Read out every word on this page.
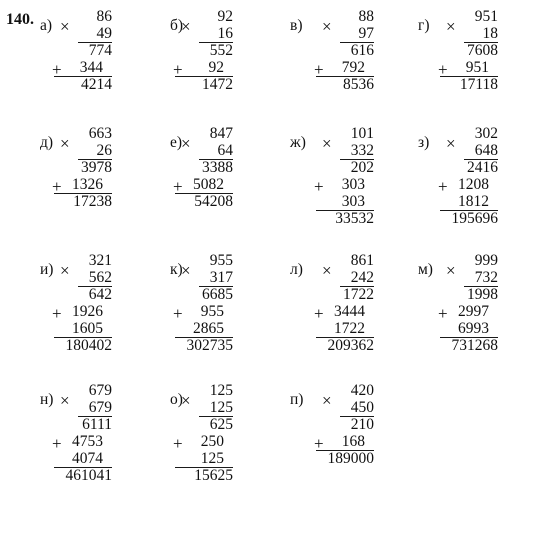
140. а)
86
49
774
344
4214
×
+
б)
92
16
552
92
1472
×
+
в)
88
97
616
792
8536
×
+
г)
951
18
7608
951
17118
×
+
д)
663
26
3978
1326
17238
×
+
е)
847
64
3388
5082
54208
×
+
ж)
101
332
202
303
303
33532
×
+
з)
302
648
2416
1208
1812
195696
×
+
и)
321
562
642
1926
1605
180402
×
+
к)
955
317
6685
955
2865
302735
×
+
л)
861
242
1722
3444
1722
209362
×
+
м)
999
732
1998
2997
6993
731268
×
+
н)
679
679
6111
4753
4074
461041
×
+
о)
125
125
625
250
125
15625
×
+
п)
420
450
210
168
189000
×
+
